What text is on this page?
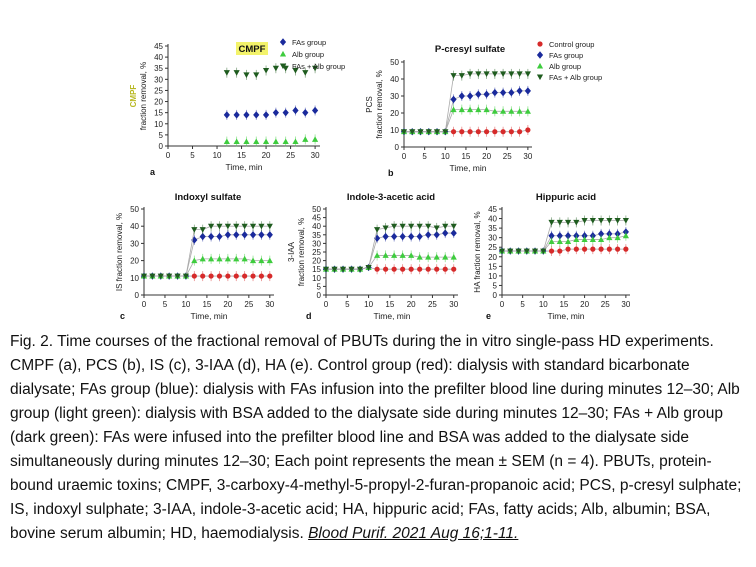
0	5 10 15 20 25 30
0
5
10
15
20
25
30
35
40
45
Time, min
fraction removal, %
CMPF
CMPF
a
FAs group
Alb group
FAs + Alb group
0 5 10 15 20 25 30
0
10
20
30
40
50
Time, min
fraction removal, %
PCS
P-cresyl sulfate
b
Control group
FAs group
Alb group
FAs + Alb group
0 5 10 15 20 25 30
0
10
20
30
40
50
Time, min
IS fraction removal, %
Indoxyl sulfate
c
0 5 10 15 20 25 30
0
5
10
15
20
25
30
35
40
45
50
Time, min
fraction removal, %
3-IAA
Indole-3-acetic acid
d
0 5 10 15 20 25 30
0
5
10
15
20
25
30
35
40
45
Time, min
HA fraction removal, %
Hippuric acid
e

Fig. 2. Time courses of the fractional removal of PBUTs during the in vitro single-pass HD experiments. CMPF (a), PCS (b), IS (c), 3-IAA (d), HA (e). Control group (red): dialysis with standard bicarbonate dialysate; FAs group (blue): dialysis with FAs infusion into the prefilter blood line during minutes 12–30; Alb group (light green): dialysis with BSA added to the dialysate side during minutes 12–30; FAs + Alb group (dark green): FAs were infused into the prefilter blood line and BSA was added to the dialysate side simultaneously during minutes 12–30; Each point represents the mean ± SEM (n = 4). PBUTs, protein-bound uraemic toxins; CMPF, 3-carboxy-4-methyl-5-propyl-2-furan-propanoic acid; PCS, p-cresyl sulphate; IS, indoxyl sulphate; 3-IAA, indole-3-acetic acid; HA, hippuric acid; FAs, fatty acids; Alb, albumin; BSA, bovine serum albumin; HD, haemodialysis. Blood Purif. 2021 Aug 16;1-11.
